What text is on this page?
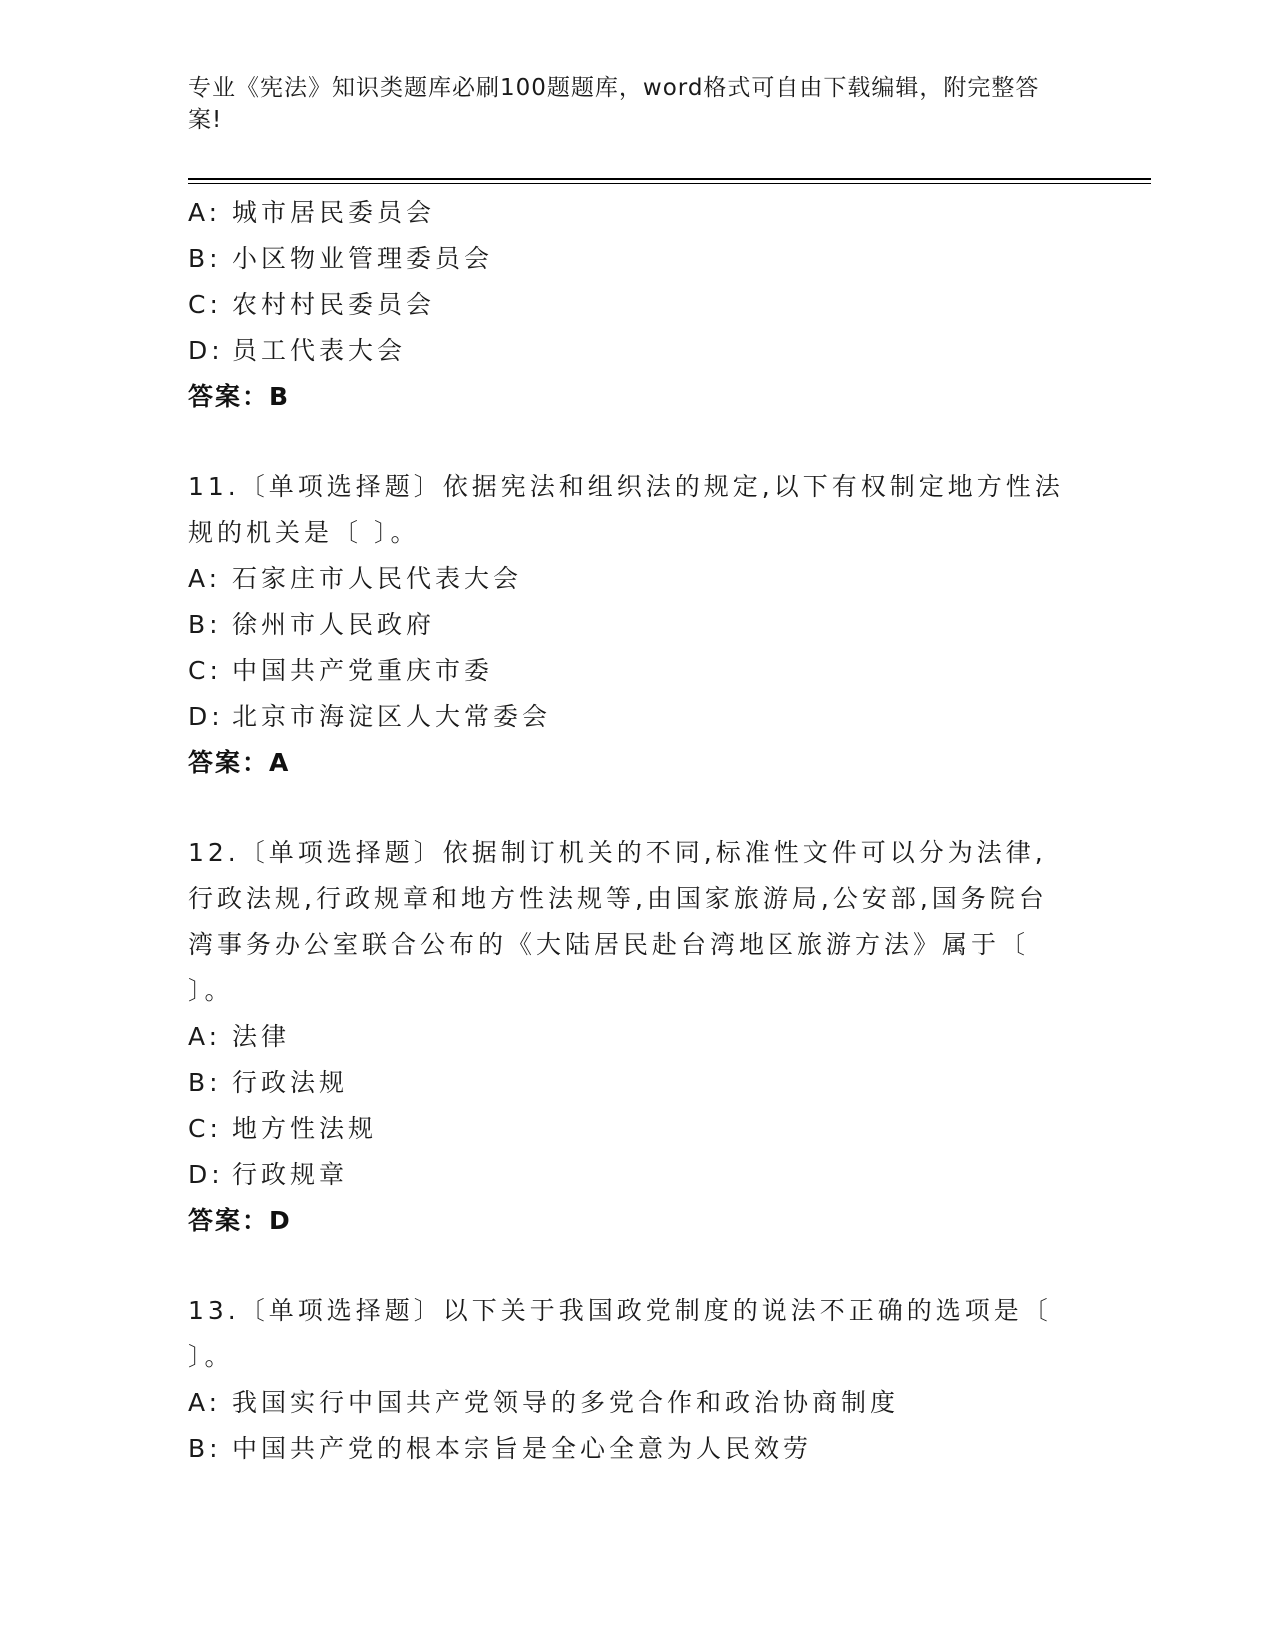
专业《宪法》知识类题库必刷100题题库，word格式可自由下载编辑，附完整答案!
A: 城市居民委员会
B: 小区物业管理委员会
C: 农村村民委员会
D: 员工代表大会
答案：B
11.〔单项选择题〕依据宪法和组织法的规定,以下有权制定地方性法规的机关是〔 〕。
A: 石家庄市人民代表大会
B: 徐州市人民政府
C: 中国共产党重庆市委
D: 北京市海淀区人大常委会
答案：A
12.〔单项选择题〕依据制订机关的不同,标准性文件可以分为法律,行政法规,行政规章和地方性法规等,由国家旅游局,公安部,国务院台湾事务办公室联合公布的《大陆居民赴台湾地区旅游方法》属于〔 〕。
A: 法律
B: 行政法规
C: 地方性法规
D: 行政规章
答案：D
13.〔单项选择题〕以下关于我国政党制度的说法不正确的选项是〔 〕。
A: 我国实行中国共产党领导的多党合作和政治协商制度
B: 中国共产党的根本宗旨是全心全意为人民效劳
